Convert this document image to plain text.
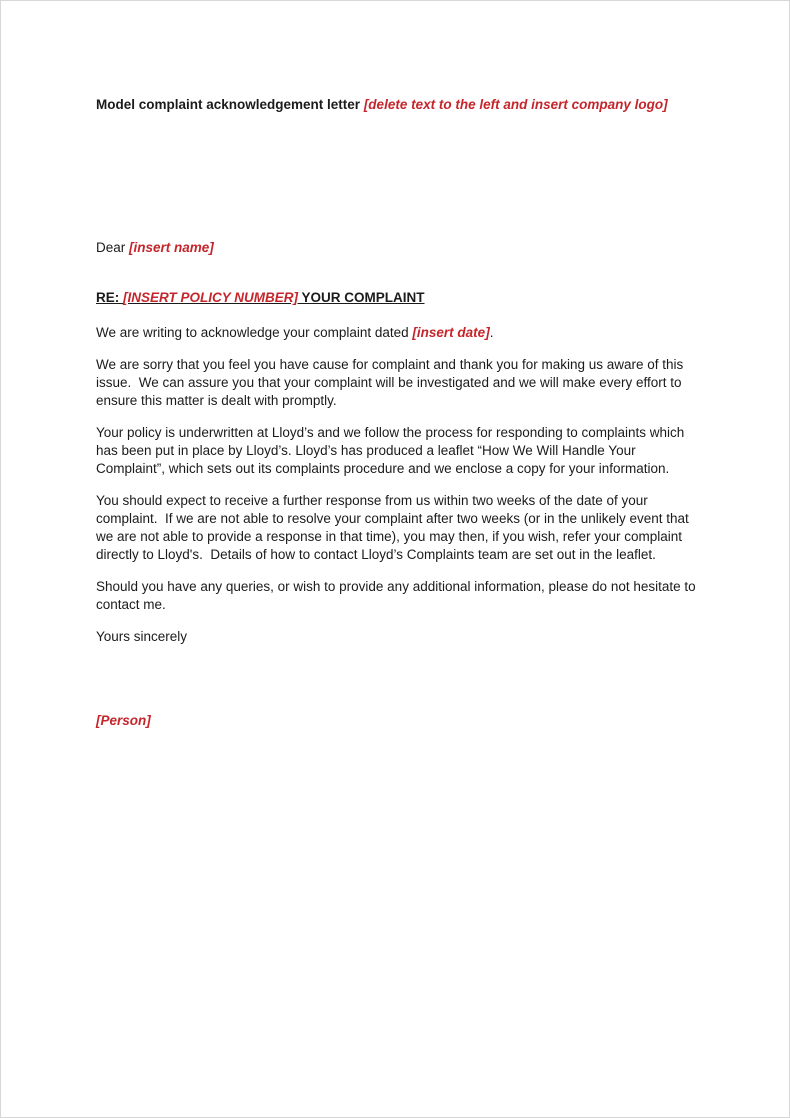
Model complaint acknowledgement letter [delete text to the left and insert company logo]

Dear [insert name]

RE: [INSERT POLICY NUMBER] YOUR COMPLAINT

We are writing to acknowledge your complaint dated [insert date].

We are sorry that you feel you have cause for complaint and thank you for making us aware of this issue.  We can assure you that your complaint will be investigated and we will make every effort to ensure this matter is dealt with promptly.

Your policy is underwritten at Lloyd’s and we follow the process for responding to complaints which has been put in place by Lloyd’s. Lloyd’s has produced a leaflet “How We Will Handle Your Complaint”, which sets out its complaints procedure and we enclose a copy for your information.

You should expect to receive a further response from us within two weeks of the date of your complaint.  If we are not able to resolve your complaint after two weeks (or in the unlikely event that we are not able to provide a response in that time), you may then, if you wish, refer your complaint directly to Lloyd's.  Details of how to contact Lloyd’s Complaints team are set out in the leaflet.

Should you have any queries, or wish to provide any additional information, please do not hesitate to contact me.

Yours sincerely

[Person]
